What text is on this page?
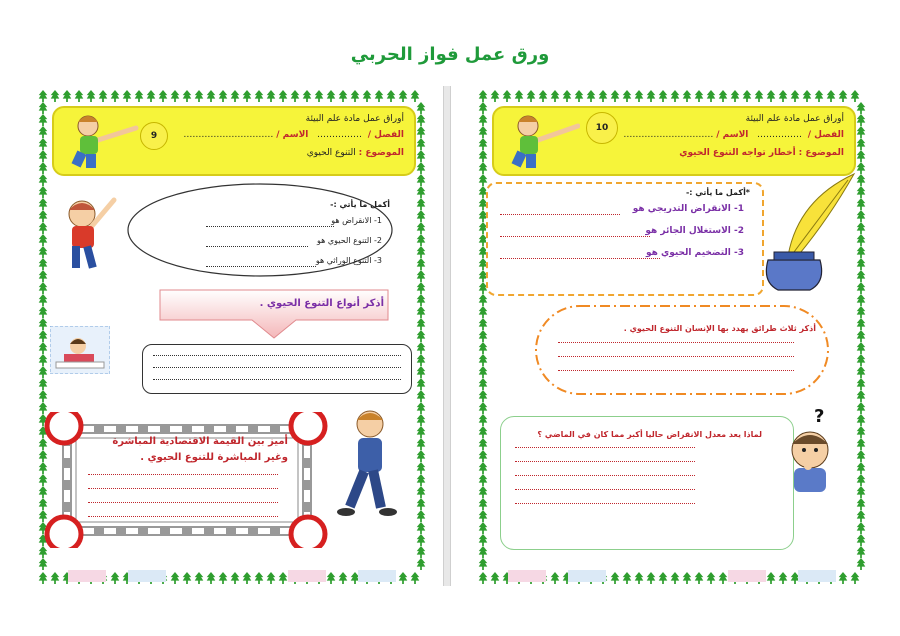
ورق عمل فواز الحربي
9
أوراق عمل مادة علم البيئة
الفصل /  ……………   الاسم / …………………………
الموضوع : التنوع الحيوي
أكمل ما يأتي :-
1- الانقراض هو
2- التنوع الحيوي هو
3- التنوع الوراثي هو
أذكر أنواع التنوع الحيوي .
أميز بين القيمة الاقتصادية المباشرة
وغير المباشرة للتنوع الحيوي .
10
أوراق عمل مادة علم البيئة
الفصل /  ……………   الاسم / …………………………
الموضوع : أخطار تواجه التنوع الحيوي
*أكمل ما يأتي :-
1- الانقراض التدريجي هو
2- الاستغلال الجائر هو
3- التضخيم الحيوي هو
أذكر ثلاث طرائق يهدد بها الإنسان التنوع الحيوي .
لماذا يعد معدل الانقراض حاليا أكبر مما كان في الماضي ؟
?
